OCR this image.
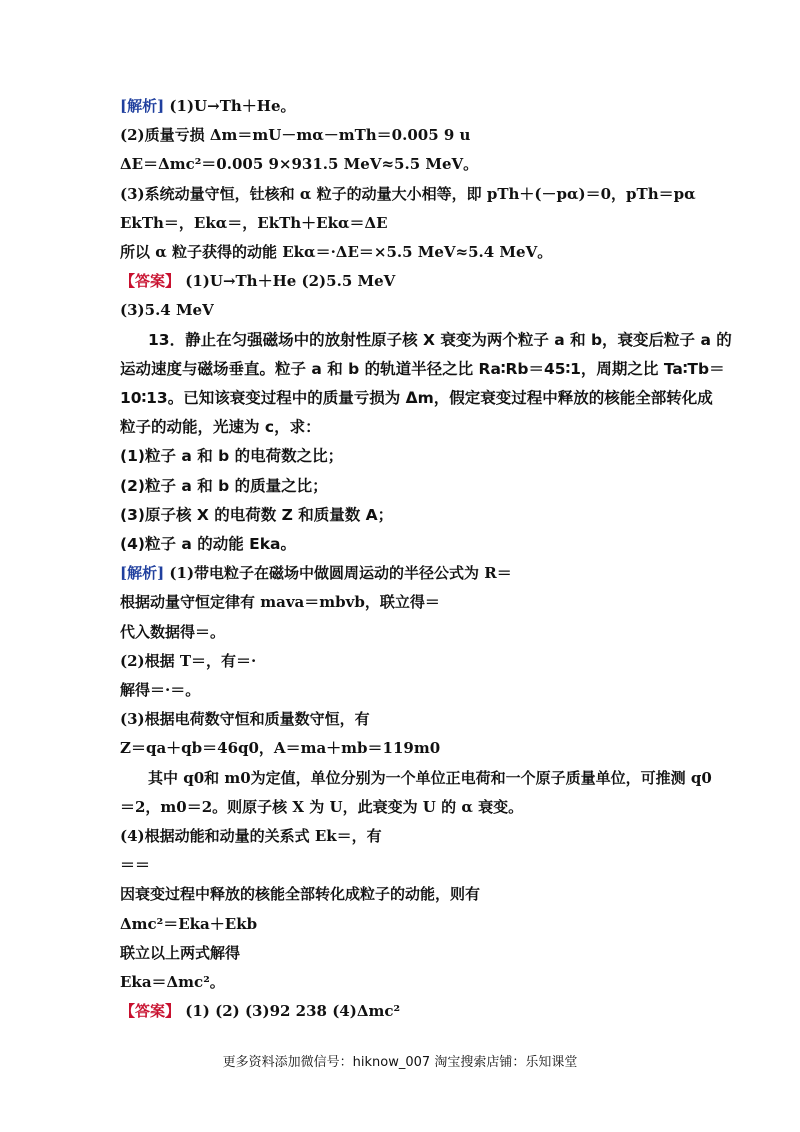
[解析] (1)U→Th＋He。
(2)质量亏损 Δm＝mU－mα－mTh＝0.005 9 u
ΔE＝Δmc²＝0.005 9×931.5 MeV≈5.5 MeV。
(3)系统动量守恒，钍核和 α 粒子的动量大小相等，即 pTh＋(－pα)＝0，pTh＝pα
EkTh＝，Ekα＝，EkTh＋Ekα＝ΔE
所以 α 粒子获得的动能 Ekα＝·ΔE＝×5.5 MeV≈5.4 MeV。
【答案】 (1)U→Th＋He (2)5.5 MeV
(3)5.4 MeV
13．静止在匀强磁场中的放射性原子核 X 衰变为两个粒子 a 和 b，衰变后粒子 a 的
运动速度与磁场垂直。粒子 a 和 b 的轨道半径之比 Ra∶Rb＝45∶1，周期之比 Ta∶Tb＝
10∶13。已知该衰变过程中的质量亏损为 Δm，假定衰变过程中释放的核能全部转化成
粒子的动能，光速为 c，求：
(1)粒子 a 和 b 的电荷数之比；
(2)粒子 a 和 b 的质量之比；
(3)原子核 X 的电荷数 Z 和质量数 A；
(4)粒子 a 的动能 Eka。
[解析] (1)带电粒子在磁场中做圆周运动的半径公式为 R＝
根据动量守恒定律有 mava＝mbvb，联立得＝
代入数据得＝。
(2)根据 T＝，有＝·
解得＝·＝。
(3)根据电荷数守恒和质量数守恒，有
Z＝qa＋qb＝46q0，A＝ma＋mb＝119m0
其中 q0和 m0为定值，单位分别为一个单位正电荷和一个原子质量单位，可推测 q0
＝2，m0＝2。则原子核 X 为 U，此衰变为 U 的 α 衰变。
(4)根据动能和动量的关系式 Ek＝，有
＝＝
因衰变过程中释放的核能全部转化成粒子的动能，则有
Δmc²＝Eka＋Ekb
联立以上两式解得
Eka＝Δmc²。
【答案】 (1) (2) (3)92 238 (4)Δmc²
更多资料添加微信号：hiknow_007 淘宝搜索店铺：乐知课堂
